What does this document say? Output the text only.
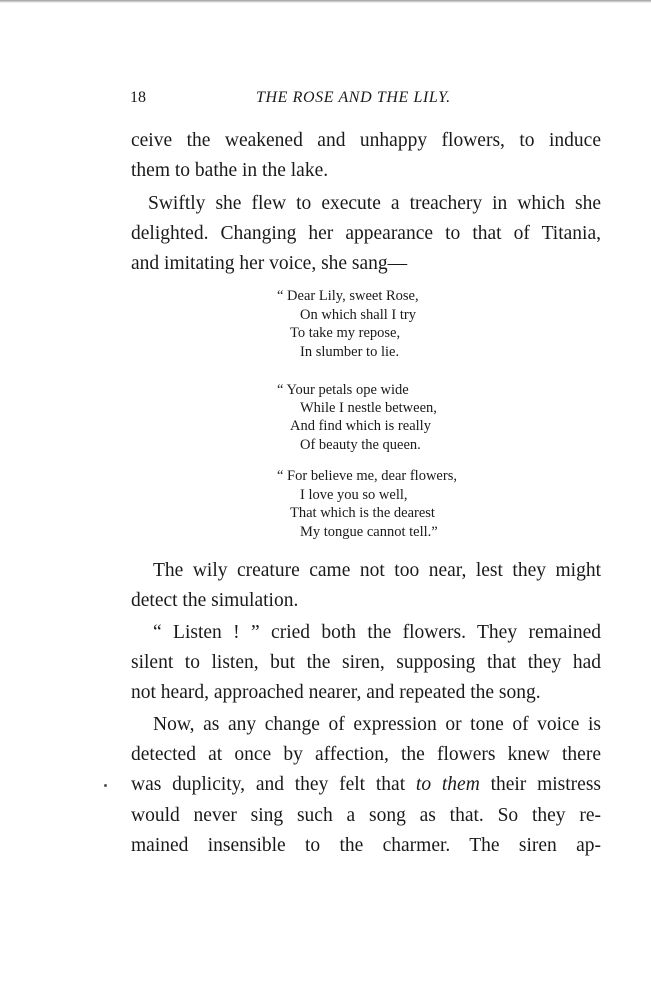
18	THE ROSE AND THE LILY.
ceive the weakened and unhappy flowers, to induce
them to bathe in the lake.
Swiftly she flew to execute a treachery in which she
delighted. Changing her appearance to that of Titania,
and imitating her voice, she sang—
“ Dear Lily, sweet Rose,
On which shall I try
To take my repose,
In slumber to lie.
“ Your petals ope wide
While I nestle between,
And find which is really
Of beauty the queen.
“ For believe me, dear flowers,
I love you so well,
That which is the dearest
My tongue cannot tell.”
The wily creature came not too near, lest they might
detect the simulation.
“ Listen ! ” cried both the flowers. They remained
silent to listen, but the siren, supposing that they had
not heard, approached nearer, and repeated the song.
Now, as any change of expression or tone of voice is
detected at once by affection, the flowers knew there
was duplicity, and they felt that to them their mistress
would never sing such a song as that. So they re-
mained insensible to the charmer. The siren ap-
